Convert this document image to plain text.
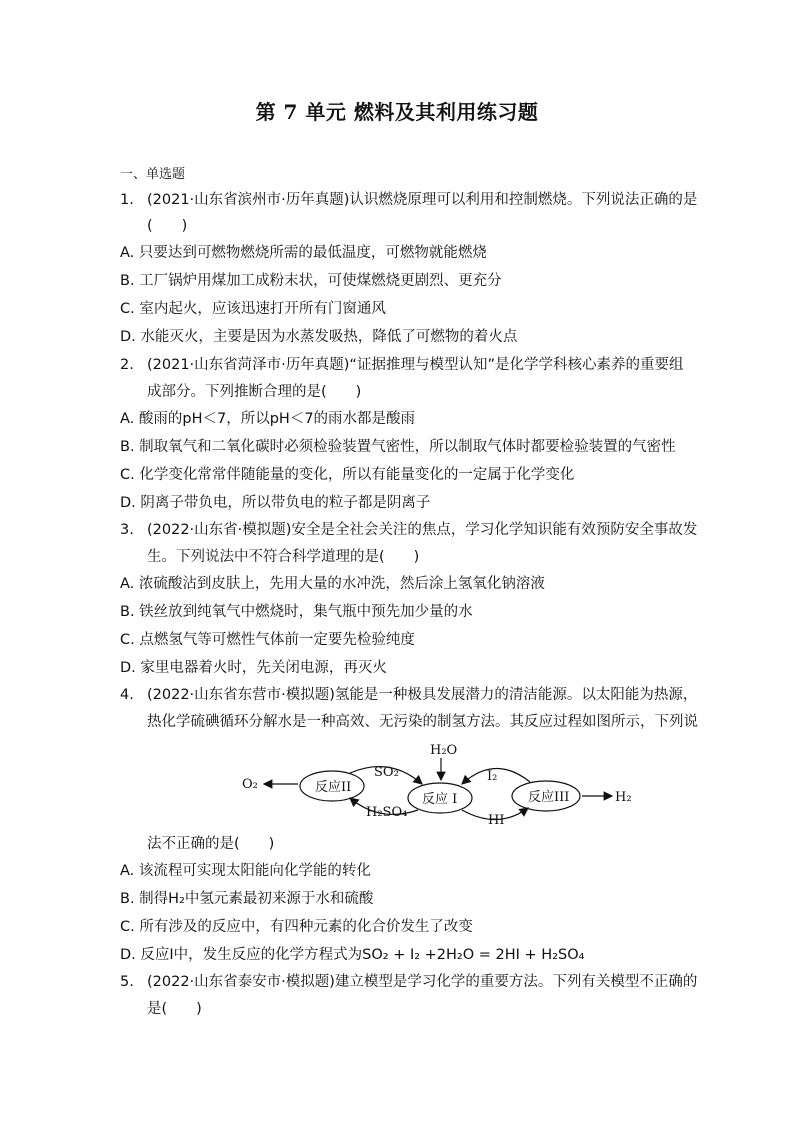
第 7 单元 燃料及其利用练习题
一、单选题
1. (2021·山东省滨州市·历年真题)认识燃烧原理可以利用和控制燃烧。下列说法正确的是
(　　)
A. 只要达到可燃物燃烧所需的最低温度，可燃物就能燃烧
B. 工厂锅炉用煤加工成粉末状，可使煤燃烧更剧烈、更充分
C. 室内起火，应该迅速打开所有门窗通风
D. 水能灭火，主要是因为水蒸发吸热，降低了可燃物的着火点
2. (2021·山东省菏泽市·历年真题)“证据推理与模型认知”是化学学科核心素养的重要组
成部分。下列推断合理的是(　　)
A. 酸雨的pH＜7，所以pH＜7的雨水都是酸雨
B. 制取氧气和二氧化碳时必须检验装置气密性，所以制取气体时都要检验装置的气密性
C. 化学变化常常伴随能量的变化，所以有能量变化的一定属于化学变化
D. 阴离子带负电，所以带负电的粒子都是阴离子
3. (2022·山东省·模拟题)安全是全社会关注的焦点，学习化学知识能有效预防安全事故发
生。下列说法中不符合科学道理的是(　　)
A. 浓硫酸沾到皮肤上，先用大量的水冲洗，然后涂上氢氧化钠溶液
B. 铁丝放到纯氧气中燃烧时，集气瓶中预先加少量的水
C. 点燃氢气等可燃性气体前一定要先检验纯度
D. 家里电器着火时，先关闭电源，再灭火
4. (2022·山东省东营市·模拟题)氢能是一种极具发展潜力的清洁能源。以太阳能为热源，
热化学硫碘循环分解水是一种高效、无污染的制氢方法。其反应过程如图所示，下列说
H₂O
反应II
反应 I	反应III
O₂
H₂
SO₂
H₂SO₄
I₂
HI
法不正确的是(　　)
A. 该流程可实现太阳能向化学能的转化
B. 制得H₂中氢元素最初来源于水和硫酸
C. 所有涉及的反应中，有四种元素的化合价发生了改变
D. 反应I中，发生反应的化学方程式为SO₂ + I₂ +2H₂O = 2HI + H₂SO₄
5. (2022·山东省泰安市·模拟题)建立模型是学习化学的重要方法。下列有关模型不正确的
是(　　)
